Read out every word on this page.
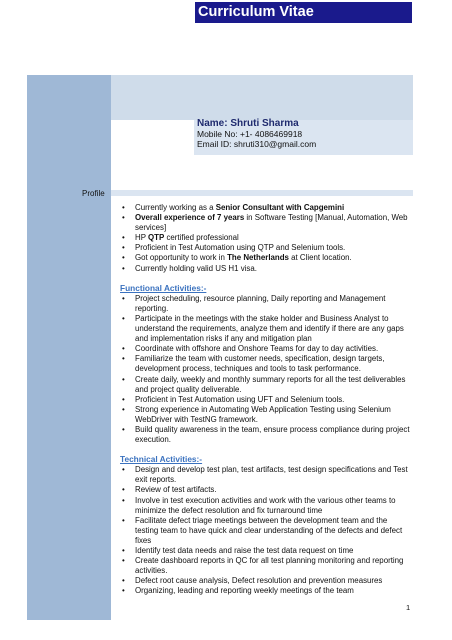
Curriculum Vitae
Name: Shruti Sharma
Mobile No: +1- 4086469918
Email ID: shruti310@gmail.com
Profile
• Currently working as a Senior Consultant with Capgemini
• Overall experience of 7 years in Software Testing [Manual, Automation, Web services]
• HP QTP certified professional
• Proficient in Test Automation using QTP and Selenium tools.
• Got opportunity to work in The Netherlands at Client location.
• Currently holding valid US H1 visa.
Functional Activities:-
• Project scheduling, resource planning, Daily reporting and Management reporting.
• Participate in the meetings with the stake holder and Business Analyst to understand the requirements, analyze them and identify if there are any gaps and implementation risks if any and mitigation plan
• Coordinate with offshore and Onshore Teams for day to day activities.
• Familiarize the team with customer needs, specification, design targets, development process, techniques and tools to task performance.
• Create daily, weekly and monthly summary reports for all the test deliverables and project quality deliverable.
• Proficient in Test Automation using UFT and Selenium tools.
• Strong experience in Automating Web Application Testing using Selenium WebDriver with TestNG framework.
• Build quality awareness in the team, ensure process compliance during project execution.
Technical Activities:-
• Design and develop test plan, test artifacts, test design specifications and Test exit reports.
• Review of test artifacts.
• Involve in test execution activities and work with the various other teams to minimize the defect resolution and fix turnaround time
• Facilitate defect triage meetings between the development team and the testing team to have quick and clear understanding of the defects and defect fixes
• Identify test data needs and raise the test data request on time
• Create dashboard reports in QC for all test planning monitoring and reporting activities.
• Defect root cause analysis, Defect resolution and prevention measures
• Organizing, leading and reporting weekly meetings of the team
1
